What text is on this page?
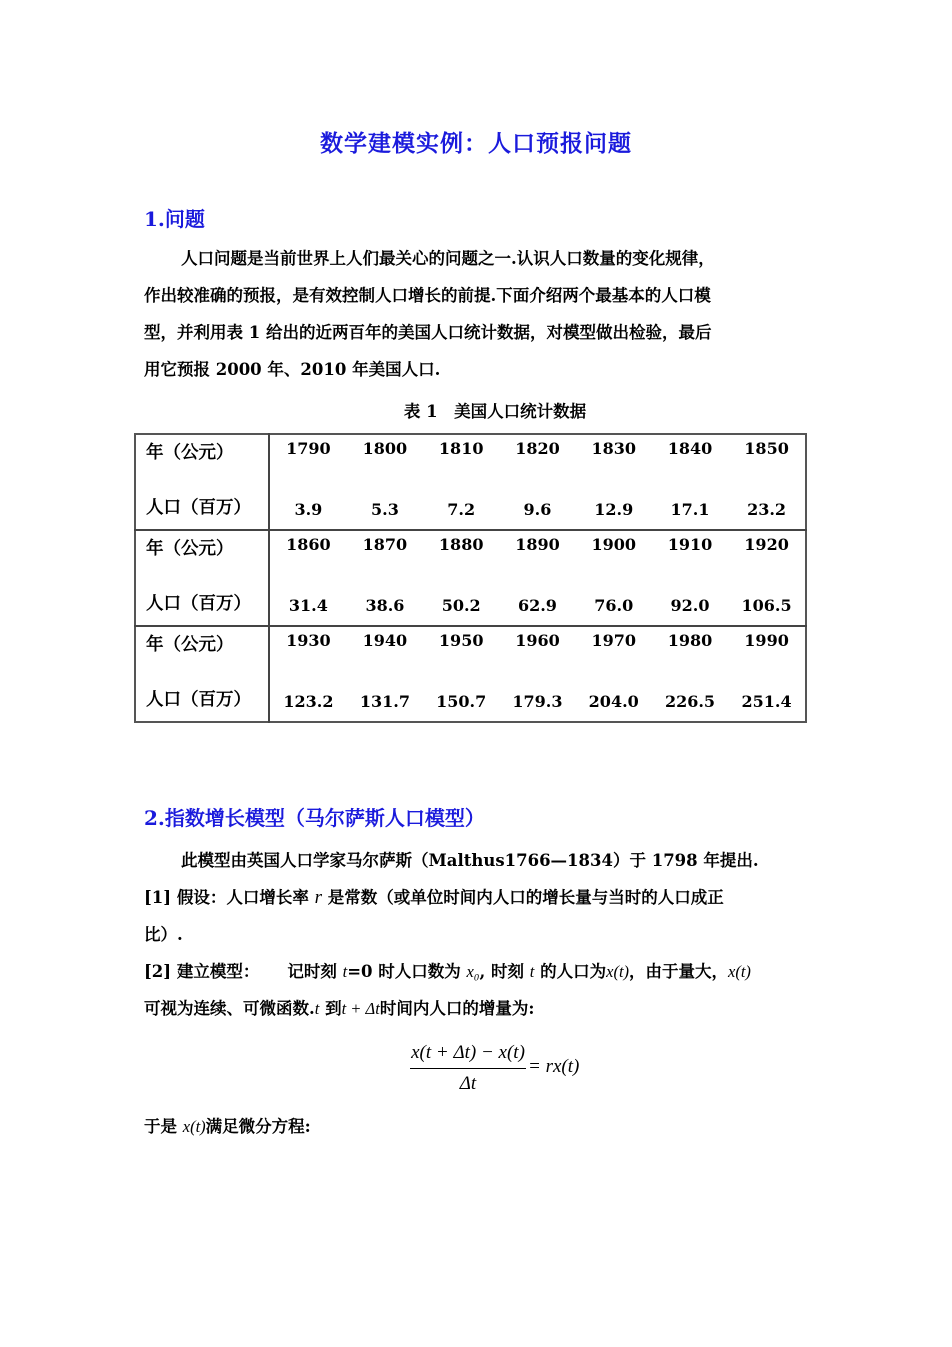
数学建模实例：人口预报问题
1.问题
人口问题是当前世界上人们最关心的问题之一.认识人口数量的变化规律，
作出较准确的预报，是有效控制人口增长的前提.下面介绍两个最基本的人口模
型，并利用表 1 给出的近两百年的美国人口统计数据，对模型做出检验，最后
用它预报 2000 年、2010 年美国人口.
表 1　美国人口统计数据
年（公元）	1790	1800	1810	1820	1830	1840	1850
人口（百万）	3.9	5.3	7.2	9.6	12.9	17.1	23.2
年（公元）	1860	1870	1880	1890	1900	1910	1920
人口（百万）	31.4	38.6	50.2	62.9	76.0	92.0	106.5
年（公元）	1930	1940	1950	1960	1970	1980	1990
人口（百万）	123.2	131.7	150.7	179.3	204.0	226.5	251.4
2.指数增长模型（马尔萨斯人口模型）
此模型由英国人口学家马尔萨斯（Malthus1766—1834）于 1798 年提出.
[1] 假设：人口增长率 r 是常数（或单位时间内人口的增长量与当时的人口成正
比）.
[2] 建立模型： 记时刻 t=0 时人口数为 x₀, 时刻 t 的人口为x(t)，由于量大，x(t)
可视为连续、可微函数.t 到t + Δt时间内人口的增量为:
$\frac{x(t + \Delta t) - x(t)}{\Delta t} = rx(t)$
于是 x(t)满足微分方程:
